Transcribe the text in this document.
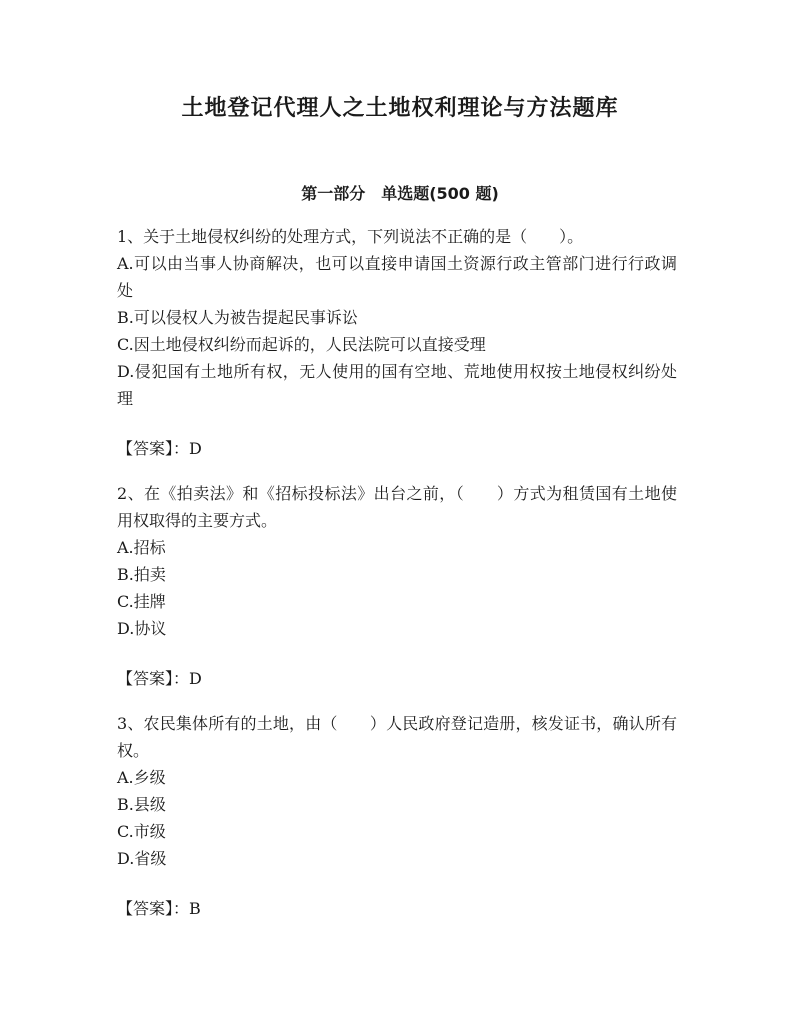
土地登记代理人之土地权利理论与方法题库
第一部分　单选题(500 题)

1、关于土地侵权纠纷的处理方式，下列说法不正确的是（　　）。

A.可以由当事人协商解决，也可以直接申请国土资源行政主管部门进行行政调处

B.可以侵权人为被告提起民事诉讼

C.因土地侵权纠纷而起诉的，人民法院可以直接受理

D.侵犯国有土地所有权，无人使用的国有空地、荒地使用权按土地侵权纠纷处理

【答案】：D

2、在《拍卖法》和《招标投标法》出台之前，（　　）方式为租赁国有土地使用权取得的主要方式。

A.招标

B.拍卖

C.挂牌

D.协议

【答案】：D

3、农民集体所有的土地，由（　　）人民政府登记造册，核发证书，确认所有权。

A.乡级

B.县级

C.市级

D.省级

【答案】：B
